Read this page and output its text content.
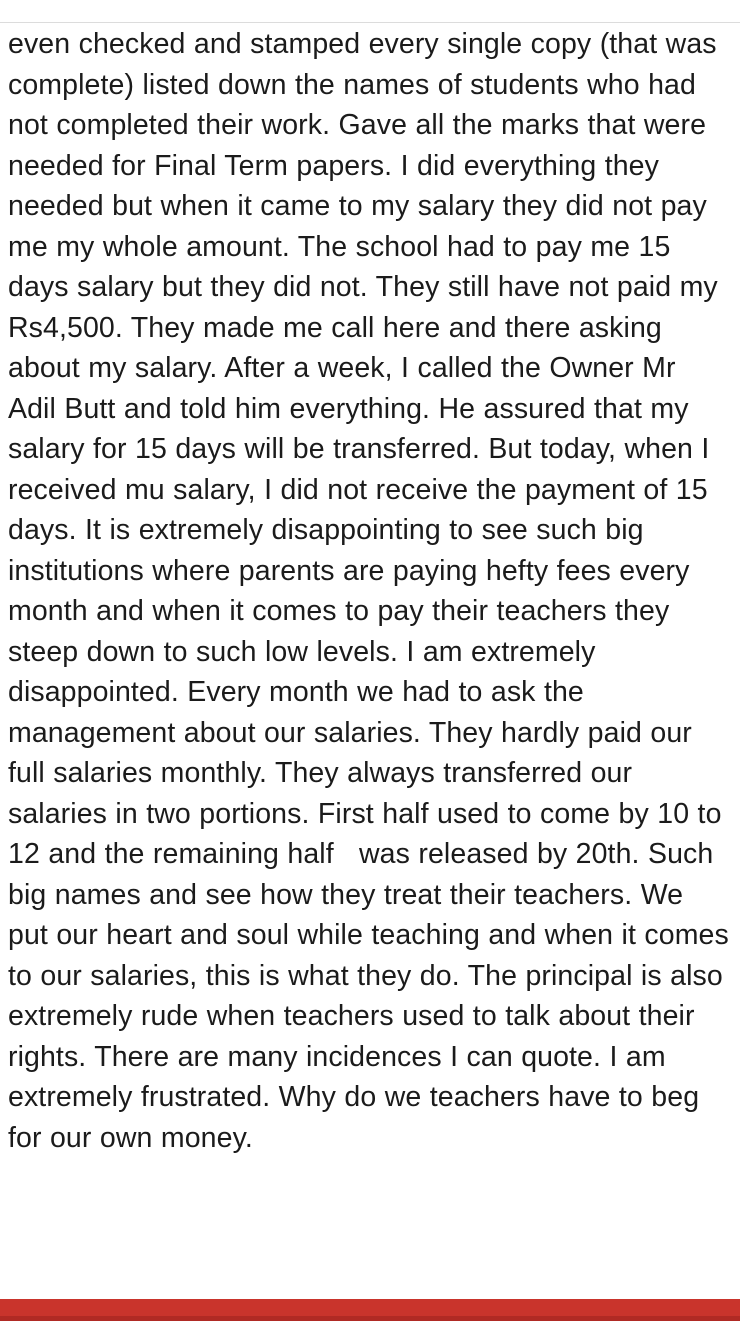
even checked and stamped every single copy (that was complete) listed down the names of students who had not completed their work. Gave all the marks that were needed for Final Term papers. I did everything they needed but when it came to my salary they did not pay me my whole amount. The school had to pay me 15 days salary but they did not. They still have not paid my Rs4,500. They made me call here and there asking about my salary. After a week, I called the Owner Mr Adil Butt and told him everything. He assured that my salary for 15 days will be transferred. But today, when I received mu salary, I did not receive the payment of 15 days. It is extremely disappointing to see such big institutions where parents are paying hefty fees every month and when it comes to pay their teachers they steep down to such low levels. I am extremely disappointed. Every month we had to ask the management about our salaries. They hardly paid our full salaries monthly. They always transferred our salaries in two portions. First half used to come by 10 to 12 and the remaining half   was released by 20th. Such big names and see how they treat their teachers. We put our heart and soul while teaching and when it comes to our salaries, this is what they do. The principal is also extremely rude when teachers used to talk about their rights. There are many incidences I can quote. I am extremely frustrated. Why do we teachers have to beg for our own money.
